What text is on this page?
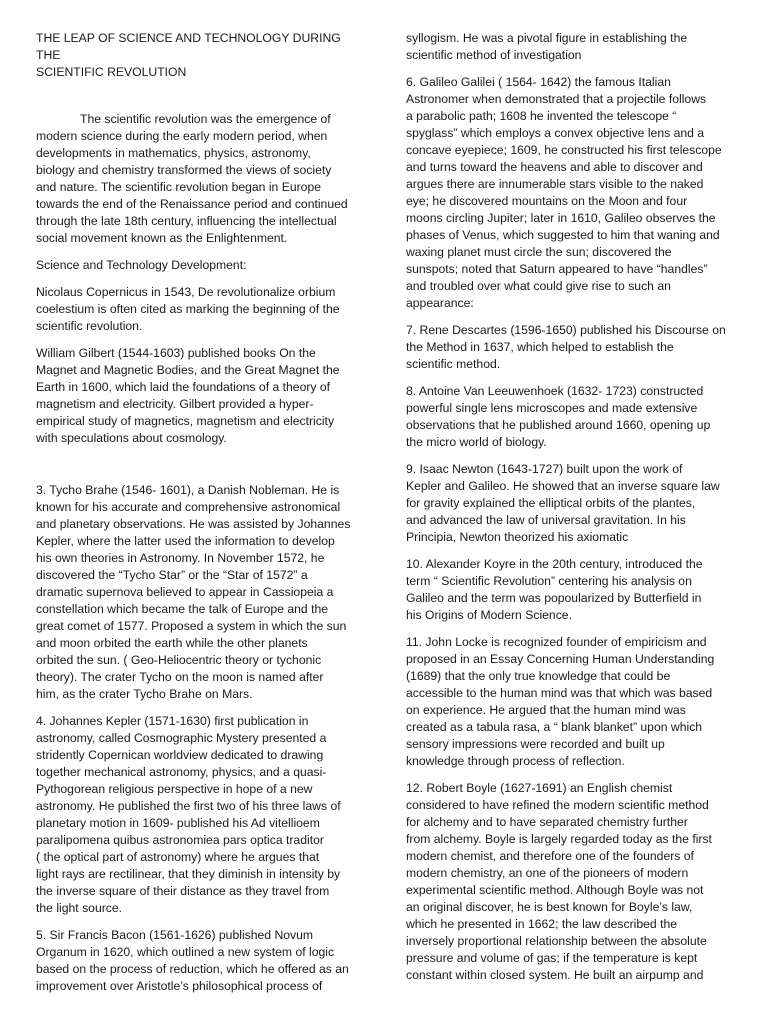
THE LEAP OF SCIENCE AND TECHNOLOGY DURING THE
SCIENTIFIC REVOLUTION

The scientific revolution was the emergence of
modern science during the early modern period, when
developments in mathematics, physics, astronomy,
biology and chemistry transformed the views of society
and nature. The scientific revolution began in Europe
towards the end of the Renaissance period and continued
through the late 18th century, influencing the intellectual
social movement known as the Enlightenment.

Science and Technology Development:

Nicolaus Copernicus in 1543, De revolutionalize orbium
coelestium is often cited as marking the beginning of the
scientific revolution.

William Gilbert (1544-1603) published books On the
Magnet and Magnetic Bodies, and the Great Magnet the
Earth in 1600, which laid the foundations of a theory of
magnetism and electricity. Gilbert provided a hyper-
empirical study of magnetics, magnetism and electricity
with speculations about cosmology.

3. Tycho Brahe (1546- 1601), a Danish Nobleman. He is
known for his accurate and comprehensive astronomical
and planetary observations. He was assisted by Johannes
Kepler, where the latter used the information to develop
his own theories in Astronomy. In November 1572, he
discovered the “Tycho Star” or the “Star of 1572” a
dramatic supernova believed to appear in Cassiopeia a
constellation which became the talk of Europe and the
great comet of 1577. Proposed a system in which the sun
and moon orbited the earth while the other planets
orbited the sun. ( Geo-Heliocentric theory or tychonic
theory). The crater Tycho on the moon is named after
him, as the crater Tycho Brahe on Mars.

4. Johannes Kepler (1571-1630) first publication in
astronomy, called Cosmographic Mystery presented a
stridently Copernican worldview dedicated to drawing
together mechanical astronomy, physics, and a quasi-
Pythogorean religious perspective in hope of a new
astronomy. He published the first two of his three laws of
planetary motion in 1609- published his Ad vitellioem
paralipomena quibus astronomiea pars optica traditor
( the optical part of astronomy) where he argues that
light rays are rectilinear, that they diminish in intensity by
the inverse square of their distance as they travel from
the light source.

5. Sir Francis Bacon (1561-1626) published Novum
Organum in 1620, which outlined a new system of logic
based on the process of reduction, which he offered as an
improvement over Aristotle’s philosophical process of

syllogism. He was a pivotal figure in establishing the
scientific method of investigation

6. Galileo Galilei ( 1564- 1642) the famous Italian
Astronomer when demonstrated that a projectile follows
a parabolic path; 1608 he invented the telescope “
spyglass” which employs a convex objective lens and a
concave eyepiece; 1609, he constructed his first telescope
and turns toward the heavens and able to discover and
argues there are innumerable stars visible to the naked
eye; he discovered mountains on the Moon and four
moons circling Jupiter; later in 1610, Galileo observes the
phases of Venus, which suggested to him that waning and
waxing planet must circle the sun; discovered the
sunspots; noted that Saturn appeared to have “handles”
and troubled over what could give rise to such an
appearance:

7. Rene Descartes (1596-1650) published his Discourse on
the Method in 1637, which helped to establish the
scientific method.

8. Antoine Van Leeuwenhoek (1632- 1723) constructed
powerful single lens microscopes and made extensive
observations that he published around 1660, opening up
the micro world of biology.

9. Isaac Newton (1643-1727) built upon the work of
Kepler and Galileo. He showed that an inverse square law
for gravity explained the elliptical orbits of the plantes,
and advanced the law of universal gravitation. In his
Principia, Newton theorized his axiomatic

10. Alexander Koyre in the 20th century, introduced the
term “ Scientific Revolution” centering his analysis on
Galileo and the term was popoularized by Butterfield in
his Origins of Modern Science.

11. John Locke is recognized founder of empiricism and
proposed in an Essay Concerning Human Understanding
(1689) that the only true knowledge that could be
accessible to the human mind was that which was based
on experience. He argued that the human mind was
created as a tabula rasa, a “ blank blanket” upon which
sensory impressions were recorded and built up
knowledge through process of reflection.

12. Robert Boyle (1627-1691) an English chemist
considered to have refined the modern scientific method
for alchemy and to have separated chemistry further
from alchemy. Boyle is largely regarded today as the first
modern chemist, and therefore one of the founders of
modern chemistry, an one of the pioneers of modern
experimental scientific method. Although Boyle was not
an original discover, he is best known for Boyle’s law,
which he presented in 1662; the law described the
inversely proportional relationship between the absolute
pressure and volume of gas; if the temperature is kept
constant within closed system. He built an airpump and
